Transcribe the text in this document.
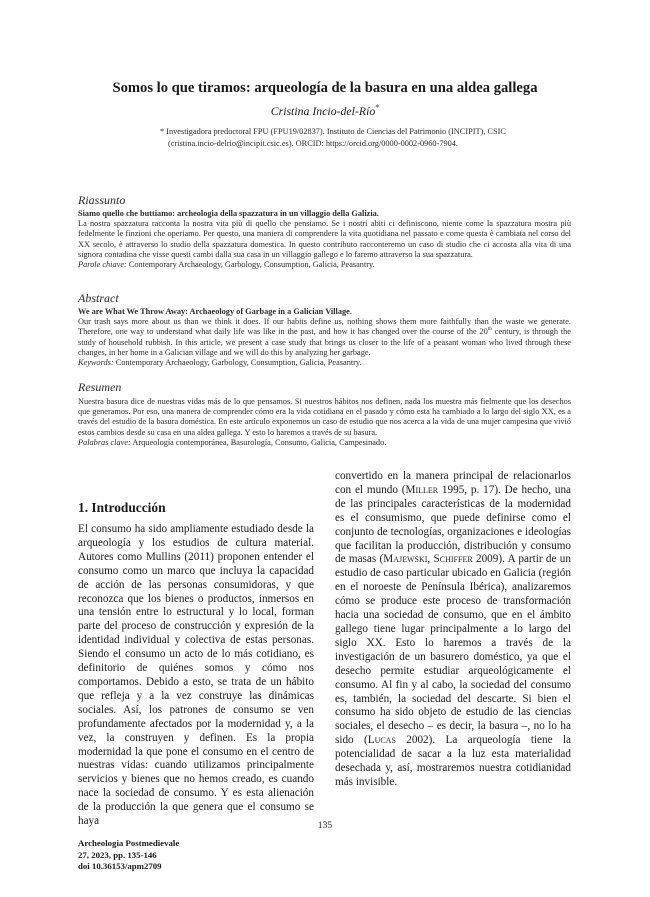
Somos lo que tiramos: arqueología de la basura en una aldea gallega
Cristina Incio-del-Río*
* Investigadora predoctoral FPU (FPU19/02837). Instituto de Ciencias del Patrimonio (INCIPIT), CSIC (cristina.incio-delrio@incipit.csic.es). ORCID: https://orcid.org/0000-0002-0960-7904.
Riassunto

Siamo quello che buttiamo: archeologia della spazzatura in un villaggio della Galizia.

La nostra spazzatura racconta la nostra vita più di quello che pensiamo. Se i nostri abiti ci definiscono, niente come la spazzatura mostra più fedelmente le finzioni che operiamo. Per questo, una maniera di comprendere la vita quotidiana nel passato e come questa è cambiata nel corso del XX secolo, è attraverso lo studio della spazzatura domestica. In questo contributo racconteremo un caso di studio che ci accosta alla vita di una signora contadina che visse questi cambi dalla sua casa in un villaggio gallego e lo faremo attraverso la sua spazzatura.

Parole chiave: Contemporary Archaeology, Garbology, Consumption, Galicia, Peasantry.

Abstract

We are What We Throw Away: Archaeology of Garbage in a Galician Village.

Our trash says more about us than we think it does. If our habits define us, nothing shows them more faithfully than the waste we generate. Therefore, one way to understand what daily life was like in the past, and how it has changed over the course of the 20th century, is through the study of household rubbish. In this article, we present a case study that brings us closer to the life of a peasant woman who lived through these changes, in her home in a Galician village and we will do this by analyzing her garbage.

Keywords: Contemporary Archaeology, Garbology, Consumption, Galicia, Peasantry.

Resumen

Nuestra basura dice de nuestras vidas más de lo que pensamos. Si nuestros hábitos nos definen, nada los muestra más fielmente que los desechos que generamos. Por eso, una manera de comprender cómo era la vida cotidiana en el pasado y cómo esta ha cambiado a lo largo del siglo XX, es a través del estudio de la basura doméstica. En este artículo exponemos un caso de estudio que nos acerca a la vida de una mujer campesina que vivió estos cambios desde su casa en una aldea gallega. Y esto lo haremos a través de su basura.

Palabras clave: Arqueología contemporánea, Basurología, Consumo, Galicia, Campesinado.

1. Introducción

El consumo ha sido ampliamente estudiado desde la arqueología y los estudios de cultura material. Autores como Mullins (2011) proponen entender el consumo como un marco que incluya la capacidad de acción de las personas consumidoras, y que reconozca que los bienes o productos, inmersos en una tensión entre lo estructural y lo local, forman parte del proceso de construcción y expresión de la identidad individual y colectiva de estas personas. Siendo el consumo un acto de lo más cotidiano, es definitorio de quiénes somos y cómo nos comportamos. Debido a esto, se trata de un hábito que refleja y a la vez construye las dinámicas sociales. Así, los patrones de consumo se ven profundamente afectados por la modernidad y, a la vez, la construyen y definen. Es la propia modernidad la que pone el consumo en el centro de nuestras vidas: cuando utilizamos principalmente servicios y bienes que no hemos creado, es cuando nace la sociedad de consumo. Y es esta alienación de la producción la que genera que el consumo se haya

convertido en la manera principal de relacionarlos con el mundo (Miller 1995, p. 17). De hecho, una de las principales características de la modernidad es el consumismo, que puede definirse como el conjunto de tecnologías, organizaciones e ideologías que facilitan la producción, distribución y consumo de masas (Majewski, Schiffer 2009). A partir de un estudio de caso particular ubicado en Galicia (región en el noroeste de Península Ibérica), analizaremos cómo se produce este proceso de transformación hacia una sociedad de consumo, que en el ámbito gallego tiene lugar principalmente a lo largo del siglo XX. Esto lo haremos a través de la investigación de un basurero doméstico, ya que el desecho permite estudiar arqueológicamente el consumo. Al fin y al cabo, la sociedad del consumo es, también, la sociedad del descarte. Si bien el consumo ha sido objeto de estudio de las ciencias sociales, el desecho – es decir, la basura –, no lo ha sido (Lucas 2002). La arqueología tiene la potencialidad de sacar a la luz esta materialidad desechada y, así, mostraremos nuestra cotidianidad más invisible.

135
Archeologia Postmedievale
27, 2023, pp. 135-146
doi 10.36153/apm2709
